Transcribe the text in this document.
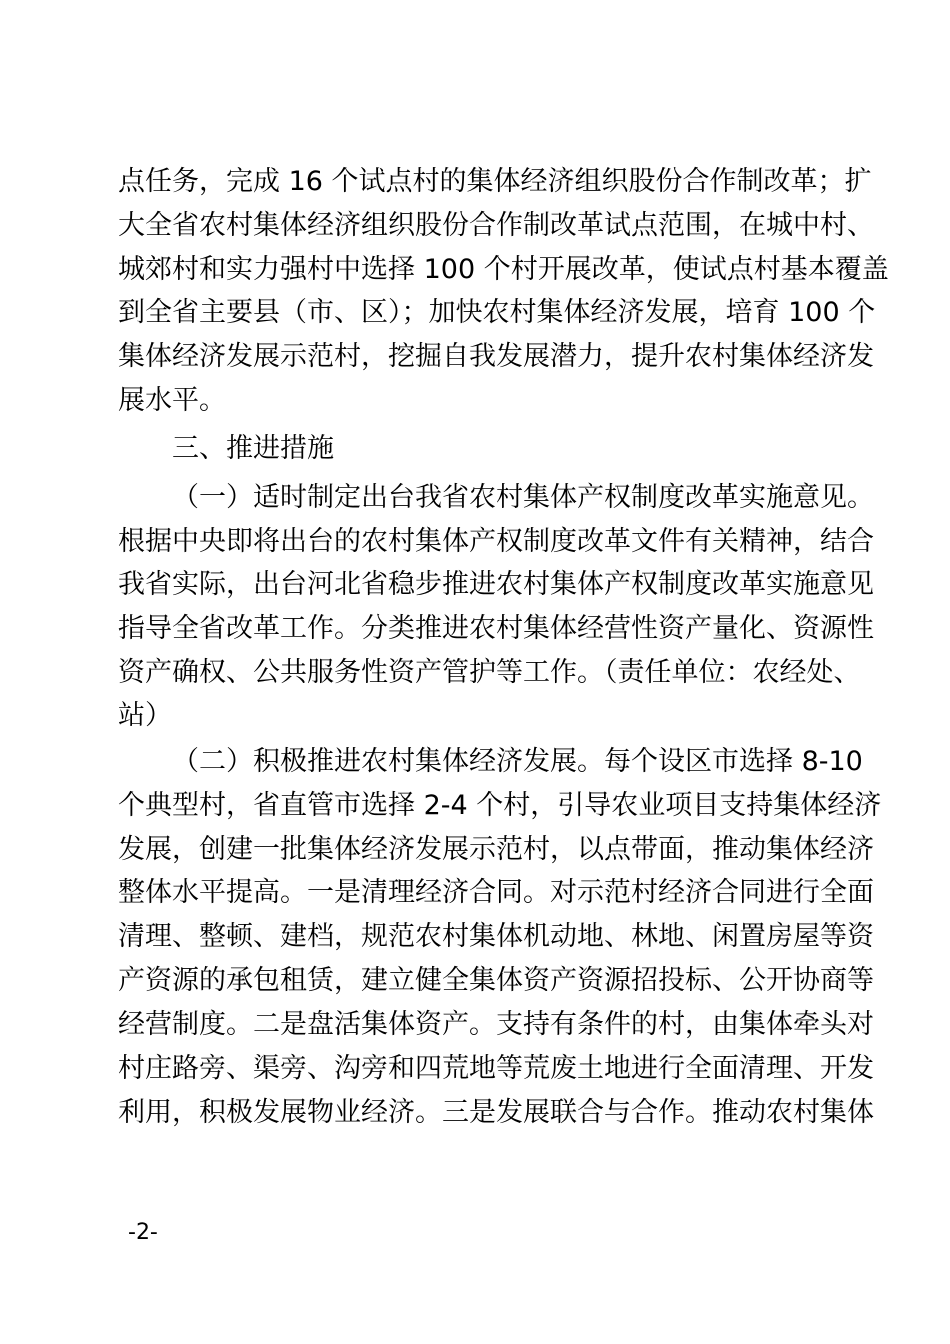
点任务，完成 16 个试点村的集体经济组织股份合作制改革；扩
大全省农村集体经济组织股份合作制改革试点范围，在城中村、
城郊村和实力强村中选择 100 个村开展改革，使试点村基本覆盖
到全省主要县（市、区）；加快农村集体经济发展，培育 100 个
集体经济发展示范村，挖掘自我发展潜力，提升农村集体经济发
展水平。
三、推进措施
（一）适时制定出台我省农村集体产权制度改革实施意见。
根据中央即将出台的农村集体产权制度改革文件有关精神，结合
我省实际，出台河北省稳步推进农村集体产权制度改革实施意见
指导全省改革工作。分类推进农村集体经营性资产量化、资源性
资产确权、公共服务性资产管护等工作。（责任单位：农经处、
站）
（二）积极推进农村集体经济发展。每个设区市选择 8-10
个典型村，省直管市选择 2-4 个村，引导农业项目支持集体经济
发展，创建一批集体经济发展示范村，以点带面，推动集体经济
整体水平提高。一是清理经济合同。对示范村经济合同进行全面
清理、整顿、建档，规范农村集体机动地、林地、闲置房屋等资
产资源的承包租赁，建立健全集体资产资源招投标、公开协商等
经营制度。二是盘活集体资产。支持有条件的村，由集体牵头对
村庄路旁、渠旁、沟旁和四荒地等荒废土地进行全面清理、开发
利用，积极发展物业经济。三是发展联合与合作。推动农村集体
-2-
